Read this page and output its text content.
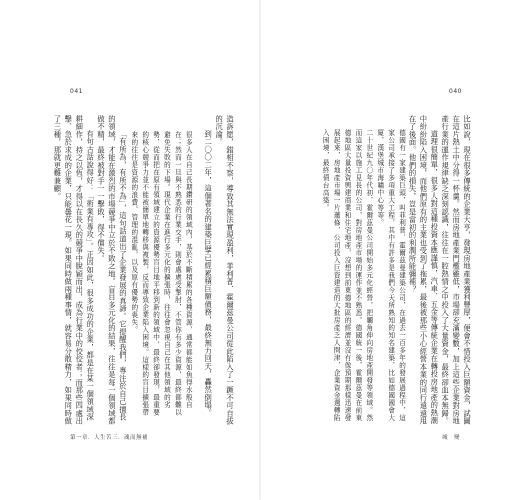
041

造訴愿，錯相不察，導致其無法實現盈利，菲利普．霍爾茲曼公司從此陷入了一蹶不可自拔的沉淪。

到二〇〇二年，這個著名的建築巨擘已經累積巨額債務，最終無力回天，轟然倒塌。

很多人在自己長期鑽研的領域內，基於不斷積累的各種資源，通常都能如魚得水般自在；然而一旦與不熟悉的行業交手，則會處處受掣肘，不管你有多少資源，最終都難以避免失敗的下場。現代企業在進行多元化的擴張時，往往會忽視自己在其他領域的劣勢，從而把在原有領域建立的資源優勢盲目地平移到新的領域中，最終卻發現，最重要的核心競爭力並不能被簡單地轉移與複製，反而導致企業陷入困境。這樣的盲目擴張帶來的往往是資源的浪費、管理的混亂，以及原有優勢的喪失。

「有所為，有所不為」，這句話道出了企業發展的真諦。它提醒我們，專注於自己擅長的領域，才能在激烈的市場競爭中立於不敗之地。盲目多元化的結果，往往是每一個領域都做不精，最終被對手一一擊敗，得不償失。

有句古話說得好：「術業有專攻」。正因如此，很多成功的企業，都是在某一個領域深耕細作，持之以恆，才得以在長久的競爭中脫穎而出，成為行業中的佼佼者；而那些四處出擊、急於求成的企業，只能曇花一現。如果同時做兩種事情，就容易分散精力，如果同時做了三種，那就更難兼顧。

第一章．人生苦三．魂而無補
040

比如說，現在很多傳統的企業大亨，發現房地產業獲利豐厚，便會不惜投入巨額資金，試圖在這片熱土中分得一杯羹。然而房地產業門檻雖低，市場卻充滿變數，加上這些企業對房地產行業的運作規律缺乏深刻認識，往往在一腔熱情之中投入了大量資金，最終卻血本無歸。

道理很簡單，很多人對這種投資本應謹慎，汽車、五金等傳統企業在轉投房地產的熱潮中紛紛陷入困境，而他們原有的主業也受到了拖累，最後被那些小心經營本業的同行遠遠甩在了後面。他們的損失，豈是當初的利潤所能彌補？

德國有一家建築巨頭，叫菲利普．霍爾茲曼建築公司，在過去一百多年的發展過程中，這家公司承接了多項重大工程，其中有許多是我們今天所熟知的知名建築，比如德國國會大廈、漢堡城市海嘯中心等等。

二十世紀九〇年代初，霍爾茲曼公司開始多元化經營，把觸角伸向房地產開發等領域。然而這家以施工見長的公司，對房地產市場的運作並不熟悉。德國統一後，霍爾茲曼在前東德地區大量投資興建商業和住宅地產，沒想到前東德地區的經濟並沒有像預期那樣迅速發展起來，房地產市場一片蕭條，公司投入巨資建造的大批房產乏人問津，企業資金週轉陷入困境，最終債台高築。

城　變
